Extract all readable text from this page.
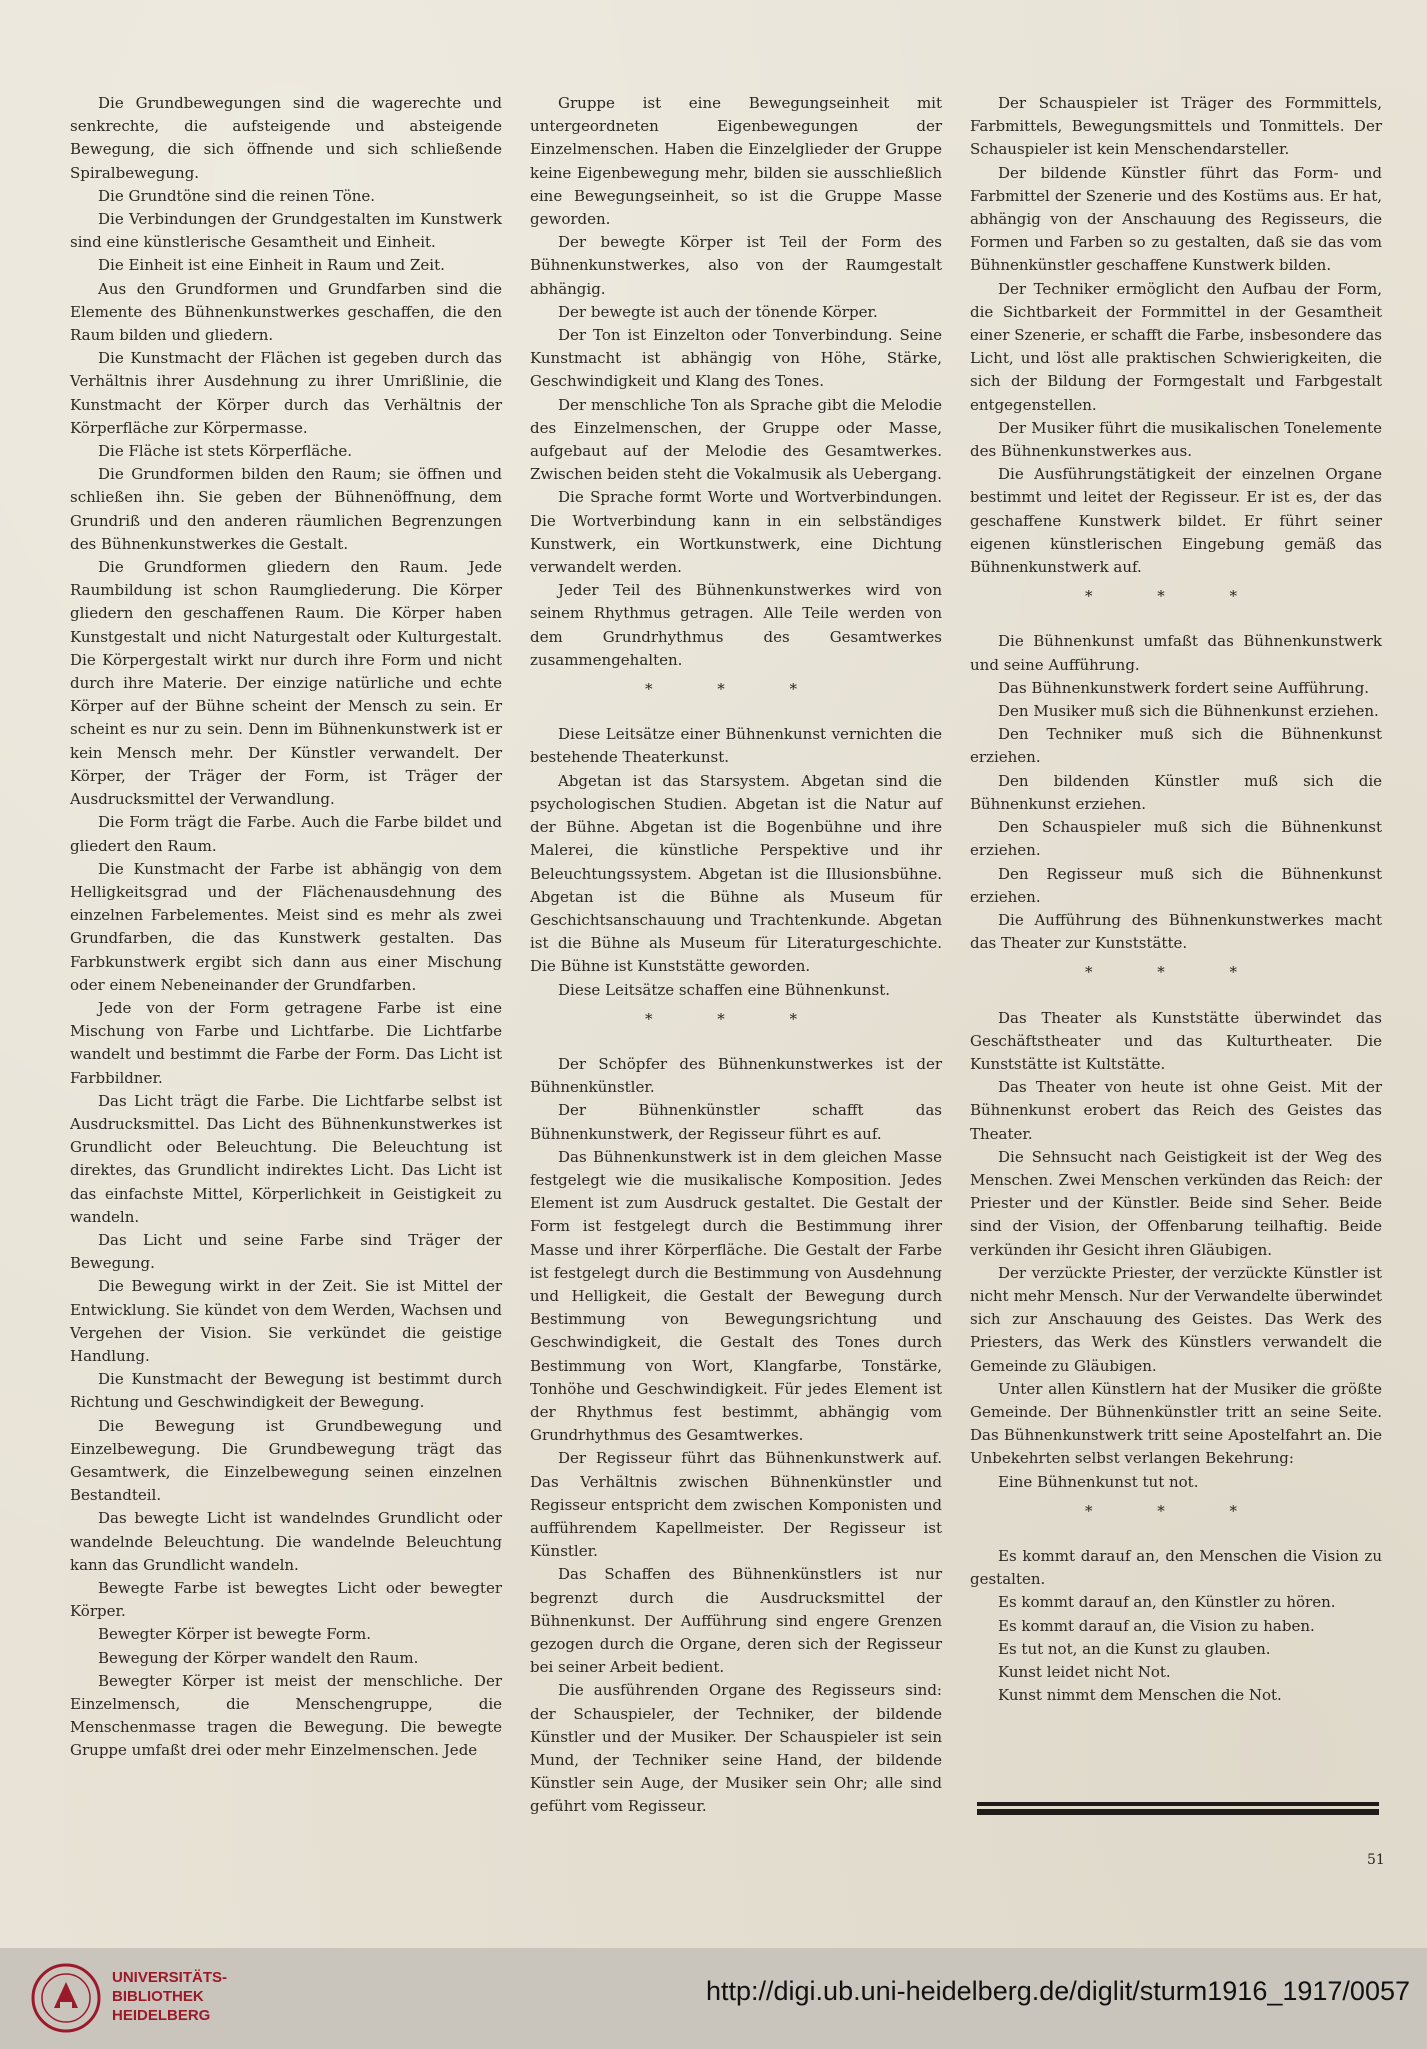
Die Grundbewegungen sind die wagerechte und senkrechte, die aufsteigende und absteigende Bewegung, die sich öffnende und sich schließende Spiralbewegung.

Die Grundtöne sind die reinen Töne.

Die Verbindungen der Grundgestalten im Kunstwerk sind eine künstlerische Gesamtheit und Einheit.

Die Einheit ist eine Einheit in Raum und Zeit.

Aus den Grundformen und Grundfarben sind die Elemente des Bühnenkunstwerkes geschaffen, die den Raum bilden und gliedern.

Die Kunstmacht der Flächen ist gegeben durch das Verhältnis ihrer Ausdehnung zu ihrer Umrißlinie, die Kunstmacht der Körper durch das Verhältnis der Körperfläche zur Körpermasse.

Die Fläche ist stets Körperfläche.

Die Grundformen bilden den Raum; sie öffnen und schließen ihn. Sie geben der Bühnenöffnung, dem Grundriß und den anderen räumlichen Begrenzungen des Bühnenkunstwerkes die Gestalt.

Die Grundformen gliedern den Raum. Jede Raumbildung ist schon Raumgliederung. Die Körper gliedern den geschaffenen Raum. Die Körper haben Kunstgestalt und nicht Naturgestalt oder Kulturgestalt. Die Körpergestalt wirkt nur durch ihre Form und nicht durch ihre Materie. Der einzige natürliche und echte Körper auf der Bühne scheint der Mensch zu sein. Er scheint es nur zu sein. Denn im Bühnenkunstwerk ist er kein Mensch mehr. Der Künstler verwandelt. Der Körper, der Träger der Form, ist Träger der Ausdrucksmittel der Verwandlung.

Die Form trägt die Farbe. Auch die Farbe bildet und gliedert den Raum.

Die Kunstmacht der Farbe ist abhängig von dem Helligkeitsgrad und der Flächenausdehnung des einzelnen Farbelementes. Meist sind es mehr als zwei Grundfarben, die das Kunstwerk gestalten. Das Farbkunstwerk ergibt sich dann aus einer Mischung oder einem Nebeneinander der Grundfarben.

Jede von der Form getragene Farbe ist eine Mischung von Farbe und Lichtfarbe. Die Lichtfarbe wandelt und bestimmt die Farbe der Form. Das Licht ist Farbbildner.

Das Licht trägt die Farbe. Die Lichtfarbe selbst ist Ausdrucksmittel. Das Licht des Bühnenkunstwerkes ist Grundlicht oder Beleuchtung. Die Beleuchtung ist direktes, das Grundlicht indirektes Licht. Das Licht ist das einfachste Mittel, Körperlichkeit in Geistigkeit zu wandeln.

Das Licht und seine Farbe sind Träger der Bewegung.

Die Bewegung wirkt in der Zeit. Sie ist Mittel der Entwicklung. Sie kündet von dem Werden, Wachsen und Vergehen der Vision. Sie verkündet die geistige Handlung.

Die Kunstmacht der Bewegung ist bestimmt durch Richtung und Geschwindigkeit der Bewegung.

Die Bewegung ist Grundbewegung und Einzelbewegung. Die Grundbewegung trägt das Gesamtwerk, die Einzelbewegung seinen einzelnen Bestandteil.

Das bewegte Licht ist wandelndes Grundlicht oder wandelnde Beleuchtung. Die wandelnde Beleuchtung kann das Grundlicht wandeln.

Bewegte Farbe ist bewegtes Licht oder bewegter Körper.

Bewegter Körper ist bewegte Form.

Bewegung der Körper wandelt den Raum.

Bewegter Körper ist meist der menschliche. Der Einzelmensch, die Menschengruppe, die Menschenmasse tragen die Bewegung. Die bewegte Gruppe umfaßt drei oder mehr Einzelmenschen. Jede

Gruppe ist eine Bewegungseinheit mit untergeordneten Eigenbewegungen der Einzelmenschen. Haben die Einzelglieder der Gruppe keine Eigenbewegung mehr, bilden sie ausschließlich eine Bewegungseinheit, so ist die Gruppe Masse geworden.

Der bewegte Körper ist Teil der Form des Bühnenkunstwerkes, also von der Raumgestalt abhängig.

Der bewegte ist auch der tönende Körper.

Der Ton ist Einzelton oder Tonverbindung. Seine Kunstmacht ist abhängig von Höhe, Stärke, Geschwindigkeit und Klang des Tones.

Der menschliche Ton als Sprache gibt die Melodie des Einzelmenschen, der Gruppe oder Masse, aufgebaut auf der Melodie des Gesamtwerkes. Zwischen beiden steht die Vokalmusik als Uebergang.

Die Sprache formt Worte und Wortverbindungen. Die Wortverbindung kann in ein selbständiges Kunstwerk, ein Wortkunstwerk, eine Dichtung verwandelt werden.

Jeder Teil des Bühnenkunstwerkes wird von seinem Rhythmus getragen. Alle Teile werden von dem Grundrhythmus des Gesamtwerkes zusammengehalten.

* * *

Diese Leitsätze einer Bühnenkunst vernichten die bestehende Theaterkunst.

Abgetan ist das Starsystem. Abgetan sind die psychologischen Studien. Abgetan ist die Natur auf der Bühne. Abgetan ist die Bogenbühne und ihre Malerei, die künstliche Perspektive und ihr Beleuchtungssystem. Abgetan ist die Illusionsbühne. Abgetan ist die Bühne als Museum für Geschichtsanschauung und Trachtenkunde. Abgetan ist die Bühne als Museum für Literaturgeschichte. Die Bühne ist Kunststätte geworden.

Diese Leitsätze schaffen eine Bühnenkunst.

* * *

Der Schöpfer des Bühnenkunstwerkes ist der Bühnenkünstler.

Der Bühnenkünstler schafft das Bühnenkunstwerk, der Regisseur führt es auf.

Das Bühnenkunstwerk ist in dem gleichen Masse festgelegt wie die musikalische Komposition. Jedes Element ist zum Ausdruck gestaltet. Die Gestalt der Form ist festgelegt durch die Bestimmung ihrer Masse und ihrer Körperfläche. Die Gestalt der Farbe ist festgelegt durch die Bestimmung von Ausdehnung und Helligkeit, die Gestalt der Bewegung durch Bestimmung von Bewegungsrichtung und Geschwindigkeit, die Gestalt des Tones durch Bestimmung von Wort, Klangfarbe, Tonstärke, Tonhöhe und Geschwindigkeit. Für jedes Element ist der Rhythmus fest bestimmt, abhängig vom Grundrhythmus des Gesamtwerkes.

Der Regisseur führt das Bühnenkunstwerk auf. Das Verhältnis zwischen Bühnenkünstler und Regisseur entspricht dem zwischen Komponisten und aufführendem Kapellmeister. Der Regisseur ist Künstler.

Das Schaffen des Bühnenkünstlers ist nur begrenzt durch die Ausdrucksmittel der Bühnenkunst. Der Aufführung sind engere Grenzen gezogen durch die Organe, deren sich der Regisseur bei seiner Arbeit bedient.

Die ausführenden Organe des Regisseurs sind: der Schauspieler, der Techniker, der bildende Künstler und der Musiker. Der Schauspieler ist sein Mund, der Techniker seine Hand, der bildende Künstler sein Auge, der Musiker sein Ohr; alle sind geführt vom Regisseur.

Der Schauspieler ist Träger des Formmittels, Farbmittels, Bewegungsmittels und Tonmittels. Der Schauspieler ist kein Menschendarsteller.

Der bildende Künstler führt das Form- und Farbmittel der Szenerie und des Kostüms aus. Er hat, abhängig von der Anschauung des Regisseurs, die Formen und Farben so zu gestalten, daß sie das vom Bühnenkünstler geschaffene Kunstwerk bilden.

Der Techniker ermöglicht den Aufbau der Form, die Sichtbarkeit der Formmittel in der Gesamtheit einer Szenerie, er schafft die Farbe, insbesondere das Licht, und löst alle praktischen Schwierigkeiten, die sich der Bildung der Formgestalt und Farbgestalt entgegenstellen.

Der Musiker führt die musikalischen Tonelemente des Bühnenkunstwerkes aus.

Die Ausführungstätigkeit der einzelnen Organe bestimmt und leitet der Regisseur. Er ist es, der das geschaffene Kunstwerk bildet. Er führt seiner eigenen künstlerischen Eingebung gemäß das Bühnenkunstwerk auf.

* * *

Die Bühnenkunst umfaßt das Bühnenkunstwerk und seine Aufführung.

Das Bühnenkunstwerk fordert seine Aufführung.

Den Musiker muß sich die Bühnenkunst erziehen.

Den Techniker muß sich die Bühnenkunst erziehen.

Den bildenden Künstler muß sich die Bühnenkunst erziehen.

Den Schauspieler muß sich die Bühnenkunst erziehen.

Den Regisseur muß sich die Bühnenkunst erziehen.

Die Aufführung des Bühnenkunstwerkes macht das Theater zur Kunststätte.

* * *

Das Theater als Kunststätte überwindet das Geschäftstheater und das Kulturtheater. Die Kunststätte ist Kultstätte.

Das Theater von heute ist ohne Geist. Mit der Bühnenkunst erobert das Reich des Geistes das Theater.

Die Sehnsucht nach Geistigkeit ist der Weg des Menschen. Zwei Menschen verkünden das Reich: der Priester und der Künstler. Beide sind Seher. Beide sind der Vision, der Offenbarung teilhaftig. Beide verkünden ihr Gesicht ihren Gläubigen.

Der verzückte Priester, der verzückte Künstler ist nicht mehr Mensch. Nur der Verwandelte überwindet sich zur Anschauung des Geistes. Das Werk des Priesters, das Werk des Künstlers verwandelt die Gemeinde zu Gläubigen.

Unter allen Künstlern hat der Musiker die größte Gemeinde. Der Bühnenkünstler tritt an seine Seite. Das Bühnenkunstwerk tritt seine Apostelfahrt an. Die Unbekehrten selbst verlangen Bekehrung:

Eine Bühnenkunst tut not.

* * *

Es kommt darauf an, den Menschen die Vision zu gestalten.

Es kommt darauf an, den Künstler zu hören.

Es kommt darauf an, die Vision zu haben.

Es tut not, an die Kunst zu glauben.

Kunst leidet nicht Not.

Kunst nimmt dem Menschen die Not.

51
UNIVERSITÄTS-
BIBLIOTHEK
HEIDELBERG
http://digi.ub.uni-heidelberg.de/diglit/sturm1916_1917/0057
